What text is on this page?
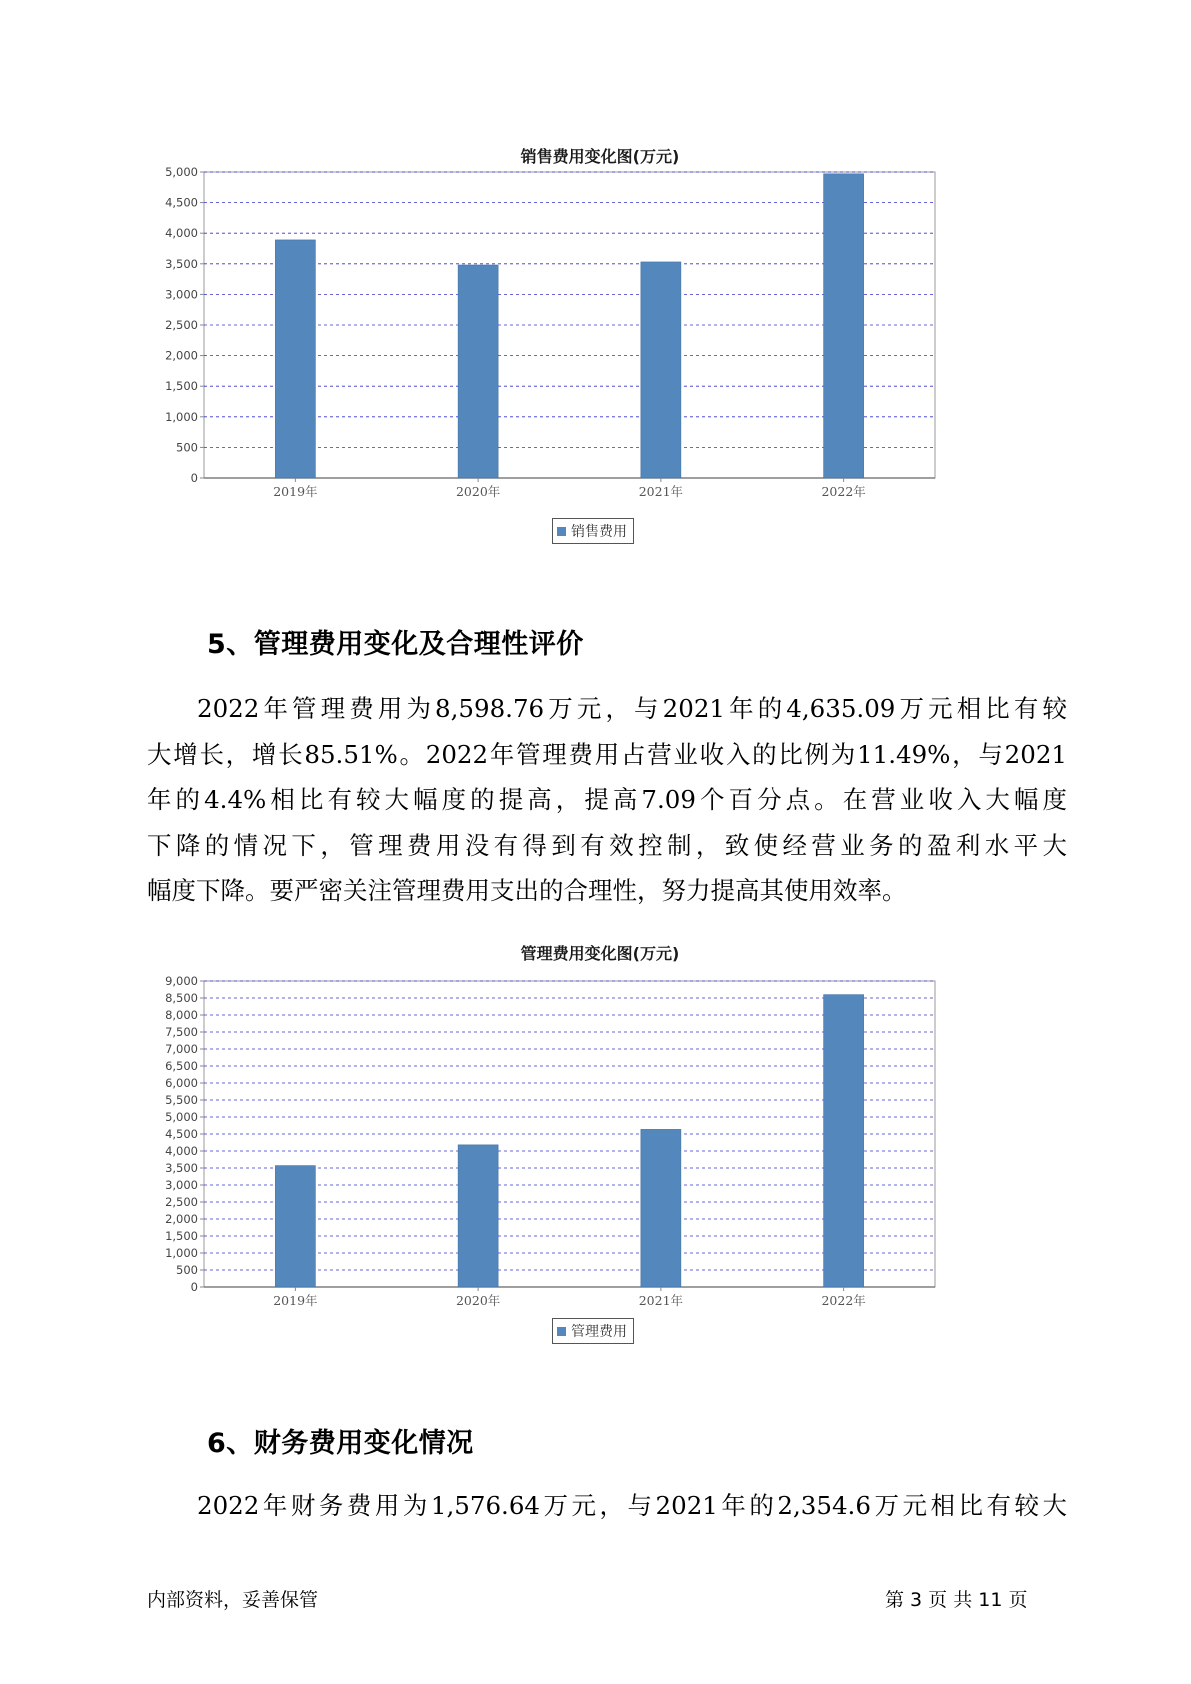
销售费用变化图(万元)
0
500
1,000
1,500
2,000
2,500
3,000
3,500
4,000
4,500
5,000
2019年	2020年	2021年	2022年
销售费用
5、管理费用变化及合理性评价
2022年管理费用为8,598.76万元，与2021年的4,635.09万元相比有较
大增长，增长85.51%。2022年管理费用占营业收入的比例为11.49%，与2021
年的4.4%相比有较大幅度的提高，提高7.09个百分点。在营业收入大幅度
下降的情况下，管理费用没有得到有效控制，致使经营业务的盈利水平大
幅度下降。要严密关注管理费用支出的合理性，努力提高其使用效率。
管理费用变化图(万元)
0
500
1,000
1,500
2,000
2,500
3,000
3,500
4,000
4,500
5,000
5,500
6,000
6,500
7,000
7,500
8,000
8,500
9,000
2019年	2020年	2021年	2022年
管理费用
6、财务费用变化情况
2022年财务费用为1,576.64万元，与2021年的2,354.6万元相比有较大
内部资料，妥善保管	第 3 页 共 11 页
